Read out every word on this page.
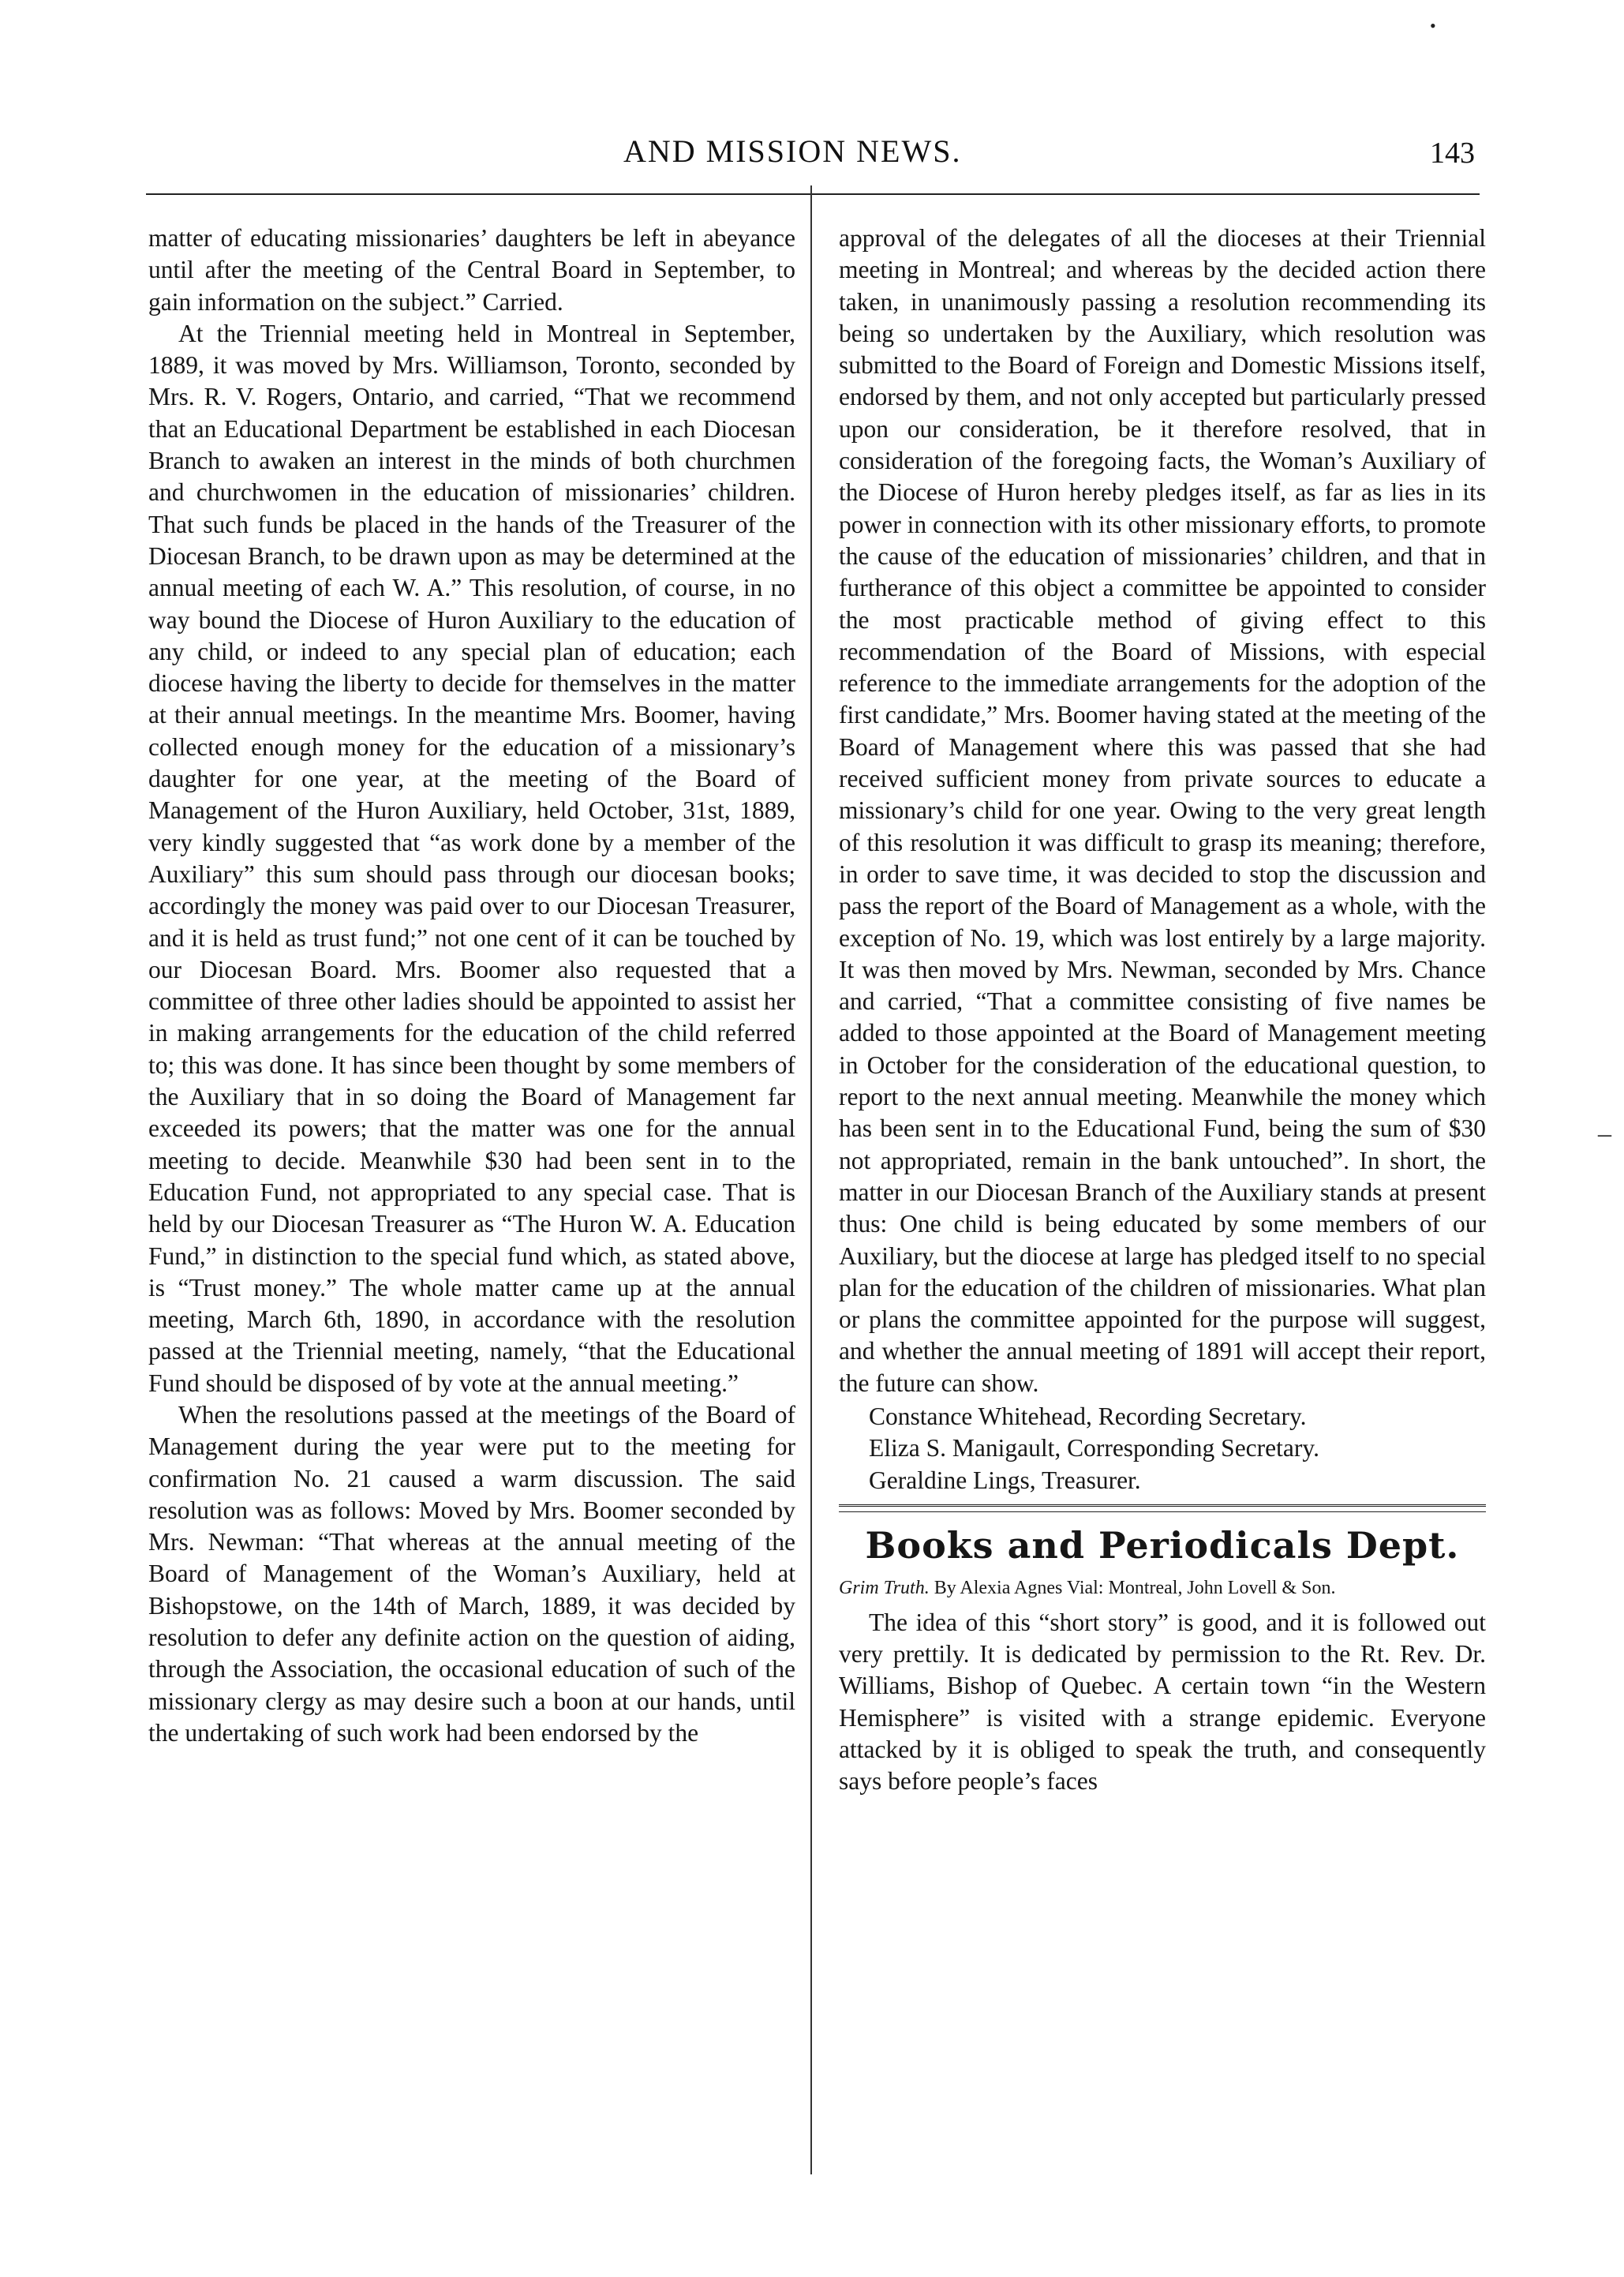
AND MISSION NEWS.	143
•
–

matter of educating missionaries’ daughters be left in abeyance until after the meeting of the Central Board in September, to gain information on the subject.” Carried.

At the Triennial meeting held in Montreal in September, 1889, it was moved by Mrs. Williamson, Toronto, seconded by Mrs. R. V. Rogers, Ontario, and carried, “That we recommend that an Educational Department be established in each Diocesan Branch to awaken an interest in the minds of both churchmen and churchwomen in the education of missionaries’ children. That such funds be placed in the hands of the Treasurer of the Diocesan Branch, to be drawn upon as may be determined at the annual meeting of each W. A.” This resolution, of course, in no way bound the Diocese of Huron Auxiliary to the education of any child, or indeed to any special plan of education; each diocese having the liberty to decide for themselves in the matter at their annual meetings. In the meantime Mrs. Boomer, having collected enough money for the education of a missionary’s daughter for one year, at the meeting of the Board of Management of the Huron Auxiliary, held October, 31st, 1889, very kindly suggested that “as work done by a member of the Auxiliary” this sum should pass through our diocesan books; accordingly the money was paid over to our Diocesan Treasurer, and it is held as trust fund;” not one cent of it can be touched by our Diocesan Board. Mrs. Boomer also requested that a committee of three other ladies should be appointed to assist her in making arrangements for the education of the child referred to; this was done. It has since been thought by some members of the Auxiliary that in so doing the Board of Management far exceeded its powers; that the matter was one for the annual meeting to decide. Meanwhile $30 had been sent in to the Education Fund, not appropriated to any special case. That is held by our Diocesan Treasurer as “The Huron W. A. Education Fund,” in distinction to the special fund which, as stated above, is “Trust money.” The whole matter came up at the annual meeting, March 6th, 1890, in accordance with the resolution passed at the Triennial meeting, namely, “that the Educational Fund should be disposed of by vote at the annual meeting.”

When the resolutions passed at the meetings of the Board of Management during the year were put to the meeting for confirmation No. 21 caused a warm discussion. The said resolution was as follows: Moved by Mrs. Boomer seconded by Mrs. Newman: “That whereas at the annual meeting of the Board of Management of the Woman’s Auxiliary, held at Bishopstowe, on the 14th of March, 1889, it was decided by resolution to defer any definite action on the question of aiding, through the Association, the occasional education of such of the missionary clergy as may desire such a boon at our hands, until the undertaking of such work had been endorsed by the

approval of the delegates of all the dioceses at their Triennial meeting in Montreal; and whereas by the decided action there taken, in unanimously passing a resolution recommending its being so undertaken by the Auxiliary, which resolution was submitted to the Board of Foreign and Domestic Missions itself, endorsed by them, and not only accepted but particularly pressed upon our consideration, be it therefore resolved, that in consideration of the foregoing facts, the Woman’s Auxiliary of the Diocese of Huron hereby pledges itself, as far as lies in its power in connection with its other missionary efforts, to promote the cause of the education of missionaries’ children, and that in furtherance of this object a committee be appointed to consider the most practicable method of giving effect to this recommendation of the Board of Missions, with especial reference to the immediate arrangements for the adoption of the first candidate,” Mrs. Boomer having stated at the meeting of the Board of Management where this was passed that she had received sufficient money from private sources to educate a missionary’s child for one year. Owing to the very great length of this resolution it was difficult to grasp its meaning; therefore, in order to save time, it was decided to stop the discussion and pass the report of the Board of Management as a whole, with the exception of No. 19, which was lost entirely by a large majority. It was then moved by Mrs. Newman, seconded by Mrs. Chance and carried, “That a committee consisting of five names be added to those appointed at the Board of Management meeting in October for the consideration of the educational question, to report to the next annual meeting. Meanwhile the money which has been sent in to the Educational Fund, being the sum of $30 not appropriated, remain in the bank untouched”. In short, the matter in our Diocesan Branch of the Auxiliary stands at present thus: One child is being educated by some members of our Auxiliary, but the diocese at large has pledged itself to no special plan for the education of the children of missionaries. What plan or plans the committee appointed for the purpose will suggest, and whether the annual meeting of 1891 will accept their report, the future can show.

Constance Whitehead, Recording Secretary.
Eliza S. Manigault, Corresponding Secretary.
Geraldine Lings, Treasurer.
Books and Periodicals Dept.
Grim Truth. By Alexia Agnes Vial: Montreal, John Lovell & Son.

The idea of this “short story” is good, and it is followed out very prettily. It is dedicated by permission to the Rt. Rev. Dr. Williams, Bishop of Quebec. A certain town “in the Western Hemisphere” is visited with a strange epidemic. Everyone attacked by it is obliged to speak the truth, and consequently says before people’s faces
